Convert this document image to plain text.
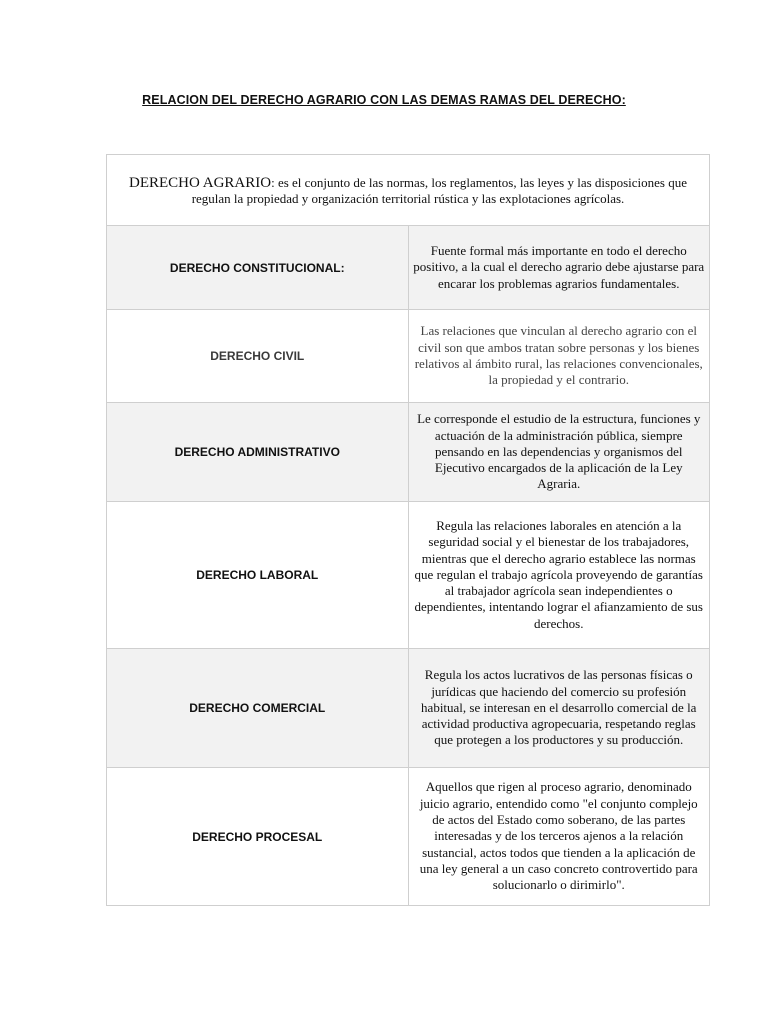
RELACION DEL DERECHO AGRARIO CON LAS DEMAS RAMAS DEL DERECHO:
DERECHO AGRARIO: es el conjunto de las normas, los reglamentos, las leyes y las disposiciones que regulan la propiedad y organización territorial rústica y las explotaciones agrícolas.	
DERECHO CONSTITUCIONAL:	Fuente formal más importante en todo el derecho positivo, a la cual el derecho agrario debe ajustarse para encarar los problemas agrarios fundamentales.
DERECHO CIVIL	Las relaciones que vinculan al derecho agrario con el civil son que ambos tratan sobre personas y los bienes relativos al ámbito rural, las relaciones convencionales, la propiedad y el contrario.
DERECHO ADMINISTRATIVO	Le corresponde el estudio de la estructura, funciones y actuación de la administración pública, siempre pensando en las dependencias y organismos del Ejecutivo encargados de la aplicación de la Ley Agraria.
DERECHO LABORAL	Regula las relaciones laborales en atención a la seguridad social y el bienestar de los trabajadores, mientras que el derecho agrario establece las normas que regulan el trabajo agrícola proveyendo de garantías al trabajador agrícola sean independientes o dependientes, intentando lograr el afianzamiento de sus derechos.
DERECHO COMERCIAL	Regula los actos lucrativos de las personas físicas o jurídicas que haciendo del comercio su profesión habitual, se interesan en el desarrollo comercial de la actividad productiva agropecuaria, respetando reglas que protegen a los productores y su producción.
DERECHO PROCESAL	Aquellos que rigen al proceso agrario, denominado juicio agrario, entendido como "el conjunto complejo de actos del Estado como soberano, de las partes interesadas y de los terceros ajenos a la relación sustancial, actos todos que tienden a la aplicación de una ley general a un caso concreto controvertido para solucionarlo o dirimirlo".
